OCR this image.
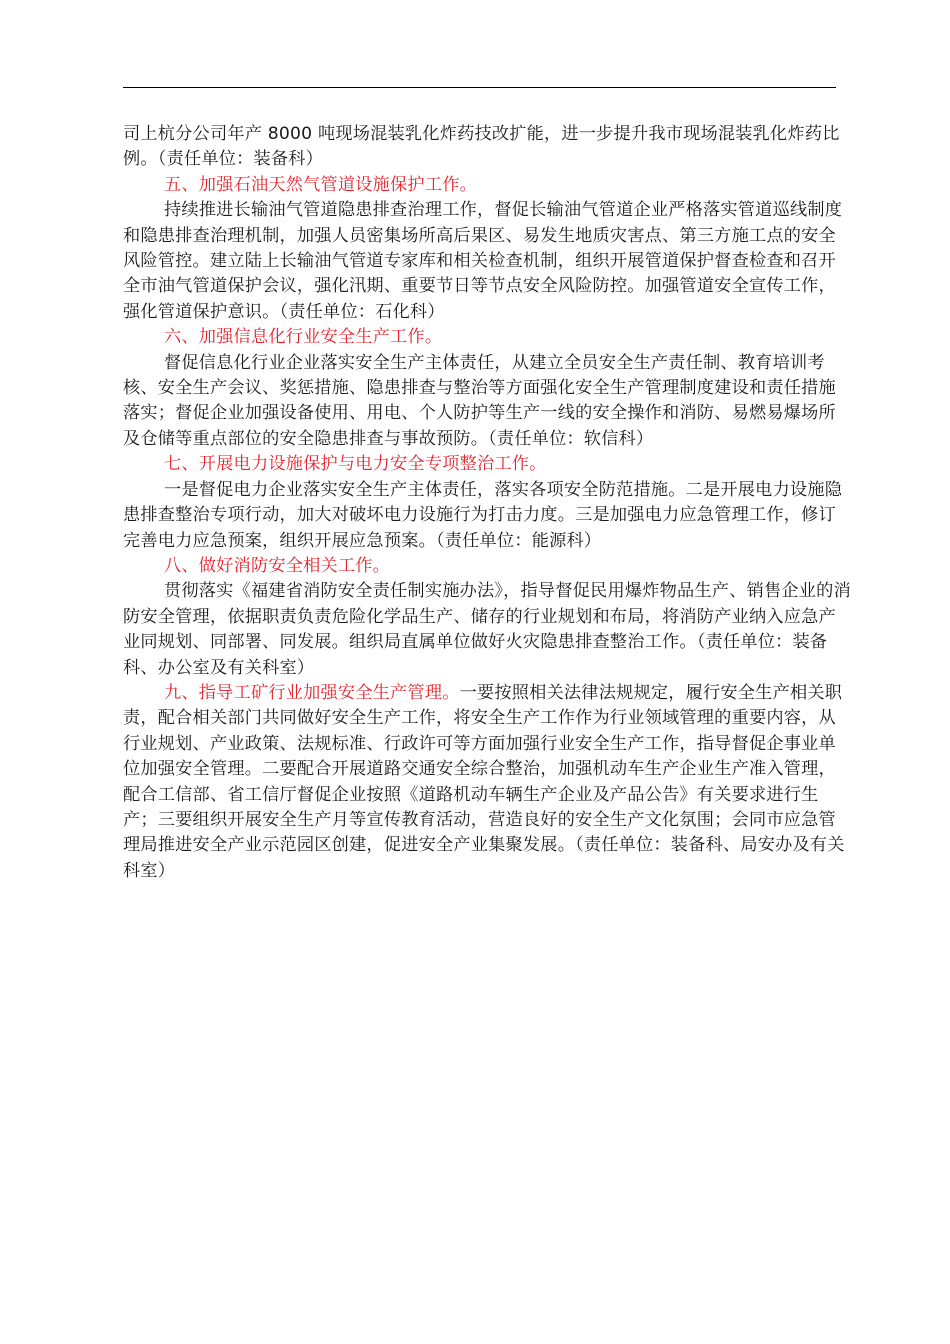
司上杭分公司年产 8000 吨现场混装乳化炸药技改扩能，进一步提升我市现场混装乳化炸药比例。（责任单位：装备科）

五、加强石油天然气管道设施保护工作。

持续推进长输油气管道隐患排查治理工作，督促长输油气管道企业严格落实管道巡线制度和隐患排查治理机制，加强人员密集场所高后果区、易发生地质灾害点、第三方施工点的安全风险管控。建立陆上长输油气管道专家库和相关检查机制，组织开展管道保护督查检查和召开全市油气管道保护会议，强化汛期、重要节日等节点安全风险防控。加强管道安全宣传工作，强化管道保护意识。（责任单位：石化科）

六、加强信息化行业安全生产工作。

督促信息化行业企业落实安全生产主体责任，从建立全员安全生产责任制、教育培训考核、安全生产会议、奖惩措施、隐患排查与整治等方面强化安全生产管理制度建设和责任措施落实；督促企业加强设备使用、用电、个人防护等生产一线的安全操作和消防、易燃易爆场所及仓储等重点部位的安全隐患排查与事故预防。（责任单位：软信科）

七、开展电力设施保护与电力安全专项整治工作。

一是督促电力企业落实安全生产主体责任，落实各项安全防范措施。二是开展电力设施隐患排查整治专项行动，加大对破坏电力设施行为打击力度。三是加强电力应急管理工作，修订完善电力应急预案，组织开展应急预案。（责任单位：能源科）

八、做好消防安全相关工作。

贯彻落实《福建省消防安全责任制实施办法》，指导督促民用爆炸物品生产、销售企业的消防安全管理，依据职责负责危险化学品生产、储存的行业规划和布局，将消防产业纳入应急产业同规划、同部署、同发展。组织局直属单位做好火灾隐患排查整治工作。（责任单位：装备科、办公室及有关科室）

九、指导工矿行业加强安全生产管理。一要按照相关法律法规规定，履行安全生产相关职责，配合相关部门共同做好安全生产工作，将安全生产工作作为行业领域管理的重要内容，从行业规划、产业政策、法规标准、行政许可等方面加强行业安全生产工作，指导督促企事业单位加强安全管理。二要配合开展道路交通安全综合整治，加强机动车生产企业生产准入管理，配合工信部、省工信厅督促企业按照《道路机动车辆生产企业及产品公告》有关要求进行生产；三要组织开展安全生产月等宣传教育活动，营造良好的安全生产文化氛围；会同市应急管理局推进安全产业示范园区创建，促进安全产业集聚发展。（责任单位：装备科、局安办及有关科室）
